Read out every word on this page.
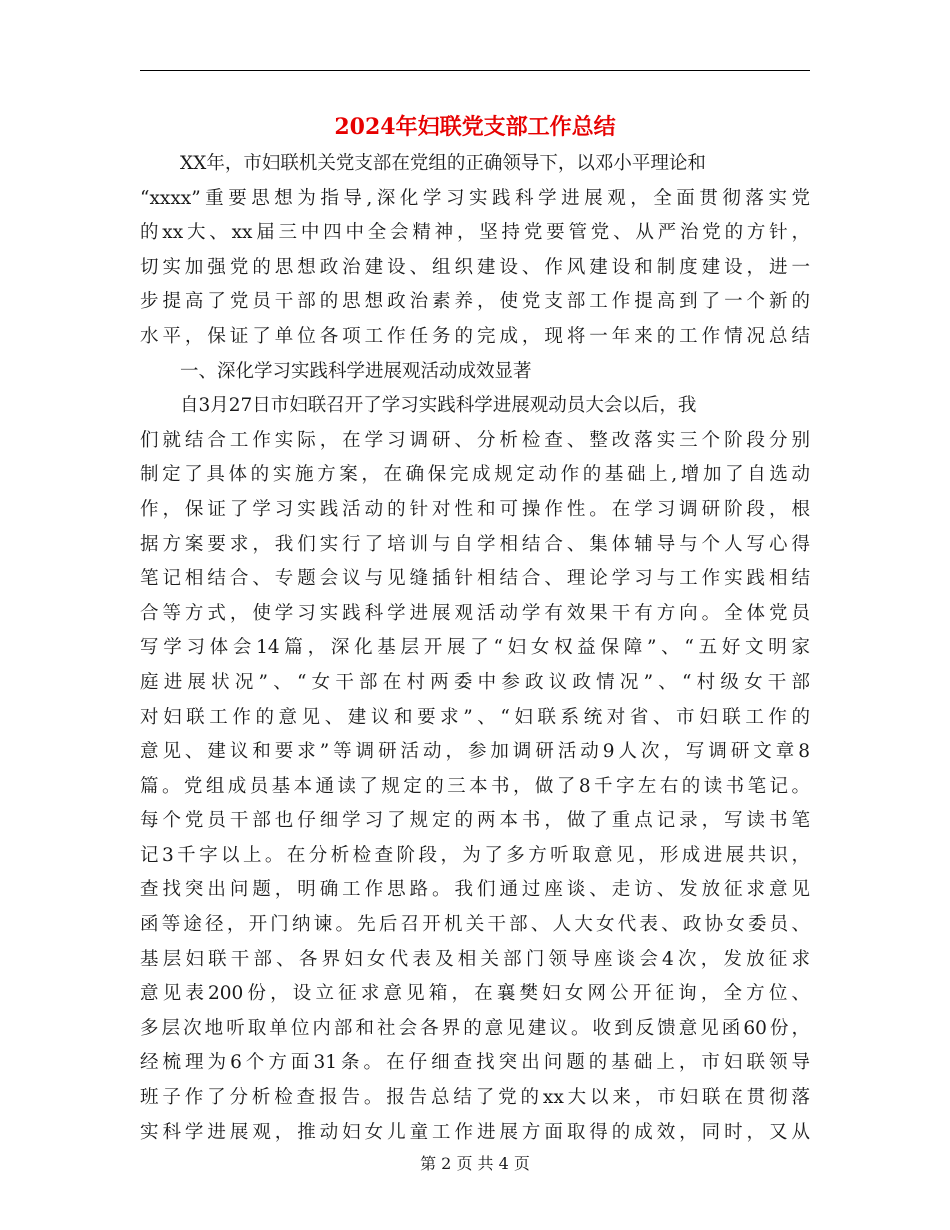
2024年妇联党支部工作总结
XX年，市妇联机关党支部在党组的正确领导下，以邓小平理论和
“xxxx”重要思想为指导,深化学习实践科学进展观，全面贯彻落实党
的xx大、xx届三中四中全会精神，坚持党要管党、从严治党的方针，
切实加强党的思想政治建设、组织建设、作风建设和制度建设，进一
步提高了党员干部的思想政治素养，使党支部工作提高到了一个新的
水平，保证了单位各项工作任务的完成，现将一年来的工作情况总结
一、深化学习实践科学进展观活动成效显著
自3月27日市妇联召开了学习实践科学进展观动员大会以后，我
们就结合工作实际，在学习调研、分析检查、整改落实三个阶段分别
制定了具体的实施方案，在确保完成规定动作的基础上,增加了自选动
作，保证了学习实践活动的针对性和可操作性。在学习调研阶段，根
据方案要求，我们实行了培训与自学相结合、集体辅导与个人写心得
笔记相结合、专题会议与见缝插针相结合、理论学习与工作实践相结
合等方式，使学习实践科学进展观活动学有效果干有方向。全体党员
写学习体会14篇，深化基层开展了“妇女权益保障”、“五好文明家
庭进展状况”、“女干部在村两委中参政议政情况”、“村级女干部
对妇联工作的意见、建议和要求”、“妇联系统对省、市妇联工作的
意见、建议和要求”等调研活动，参加调研活动9人次，写调研文章8
篇。党组成员基本通读了规定的三本书，做了8千字左右的读书笔记。
每个党员干部也仔细学习了规定的两本书，做了重点记录，写读书笔
记3千字以上。在分析检查阶段，为了多方听取意见，形成进展共识，
查找突出问题，明确工作思路。我们通过座谈、走访、发放征求意见
函等途径，开门纳谏。先后召开机关干部、人大女代表、政协女委员、
基层妇联干部、各界妇女代表及相关部门领导座谈会4次，发放征求
意见表200份，设立征求意见箱，在襄樊妇女网公开征询，全方位、
多层次地听取单位内部和社会各界的意见建议。收到反馈意见函60份，
经梳理为6个方面31条。在仔细查找突出问题的基础上，市妇联领导
班子作了分析检查报告。报告总结了党的xx大以来，市妇联在贯彻落
实科学进展观，推动妇女儿童工作进展方面取得的成效，同时，又从
第 2 页 共 4 页
